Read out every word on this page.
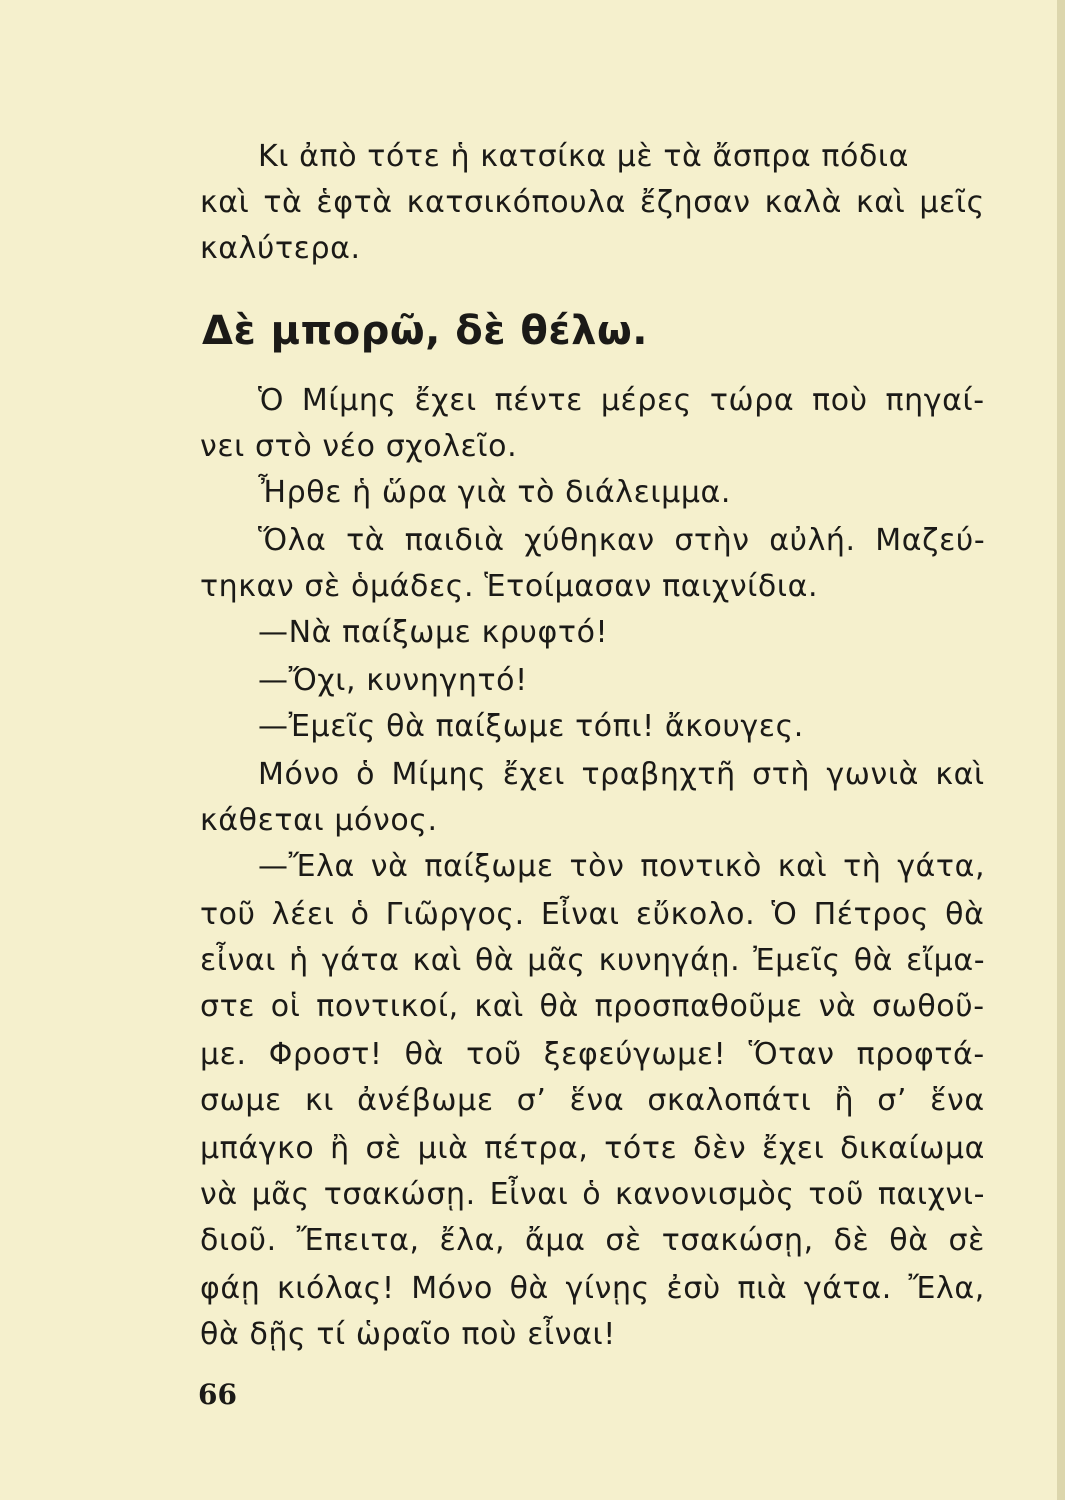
Κι ἀπὸ τότε ἡ κατσίκα μὲ τὰ ἄσπρα πόδια
καὶ τὰ ἑφτὰ κατσικόπουλα ἔζησαν καλὰ καὶ μεῖς
καλύτερα.
Δὲ μπορῶ, δὲ θέλω.
Ὁ Μίμης ἔχει πέντε μέρες τώρα ποὺ πηγαί-
νει στὸ νέο σχολεῖο.
Ἦρθε ἡ ὥρα γιὰ τὸ διάλειμμα.
Ὅλα τὰ παιδιὰ χύθηκαν στὴν αὐλή. Μαζεύ-
τηκαν σὲ ὁμάδες. Ἑτοίμασαν παιχνίδια.
—Νὰ παίξωμε κρυφτό!
—Ὄχι, κυνηγητό!
—Ἐμεῖς θὰ παίξωμε τόπι! ἄκουγες.
Μόνο ὁ Μίμης ἔχει τραβηχτῆ στὴ γωνιὰ καὶ
κάθεται μόνος.
—Ἔλα νὰ παίξωμε τὸν ποντικὸ καὶ τὴ γάτα,
τοῦ λέει ὁ Γιῶργος. Εἶναι εὔκολο. Ὁ Πέτρος θὰ
εἶναι ἡ γάτα καὶ θὰ μᾶς κυνηγάῃ. Ἐμεῖς θὰ εἴμα-
στε οἱ ποντικοί, καὶ θὰ προσπαθοῦμε νὰ σωθοῦ-
με. Φροστ! θὰ τοῦ ξεφεύγωμε! Ὅταν προφτά-
σωμε κι ἀνέβωμε σ’ ἕνα σκαλοπάτι ἢ σ’ ἕνα
μπάγκο ἢ σὲ μιὰ πέτρα, τότε δὲν ἔχει δικαίωμα
νὰ μᾶς τσακώσῃ. Εἶναι ὁ κανονισμὸς τοῦ παιχνι-
διοῦ. Ἔπειτα, ἔλα, ἄμα σὲ τσακώσῃ, δὲ θὰ σὲ
φάῃ κιόλας! Μόνο θὰ γίνῃς ἐσὺ πιὰ γάτα. Ἔλα,
θὰ δῇς τί ὡραῖο ποὺ εἶναι!
66
